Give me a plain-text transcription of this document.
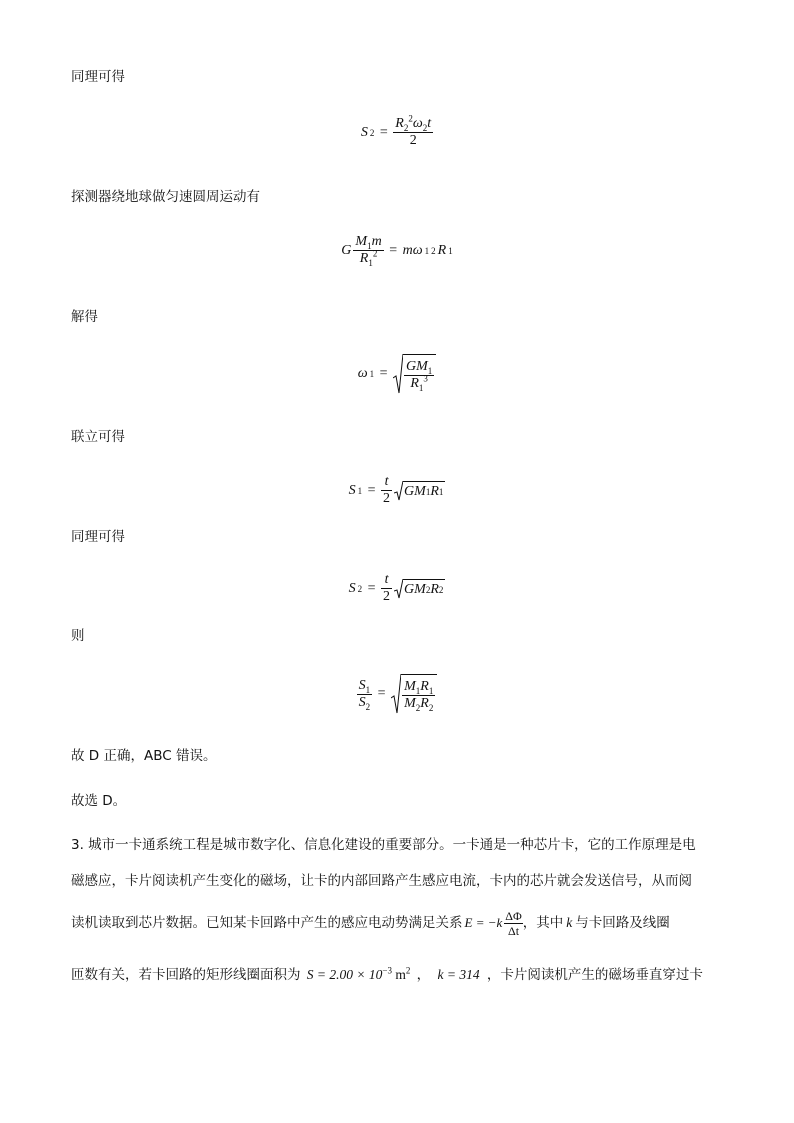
同理可得
S $2 = \frac{R_2^2\omega_2t}{2}$
探测器绕地球做匀速圆周运动有
G $\frac{M_1m}{R_1^2} = m\omega$ 1 2 R 1
解得
ω $1 = \frac{GM_1}{R_1^3}$
联立可得
S $1 = \frac{t}{2}$ GM 1 R 1
同理可得
S $2 = \frac{t}{2}$ GM 2 R 2
则
$\frac{S_1}{S_2} = \frac{M_1R_1}{M_2R_2}$
故 D 正确，ABC 错误。
故选 D。
3. 城市一卡通系统工程是城市数字化、信息化建设的重要部分。一卡通是一种芯片卡，它的工作原理是电
磁感应，卡片阅读机产生变化的磁场，让卡的内部回路产生感应电流，卡内的芯片就会发送信号，从而阅
读机读取到芯片数据。已知某卡回路中产生的感应电动势满足关系 $E = -k \frac{\Delta\Phi}{\Delta t}$ ，其中 k 与卡回路及线圈
匝数有关，若卡回路的矩形线圈面积为 $S = 2.00 \times 10^{-3}$ $m^2$ ， k = 314 ，卡片阅读机产生的磁场垂直穿过卡
